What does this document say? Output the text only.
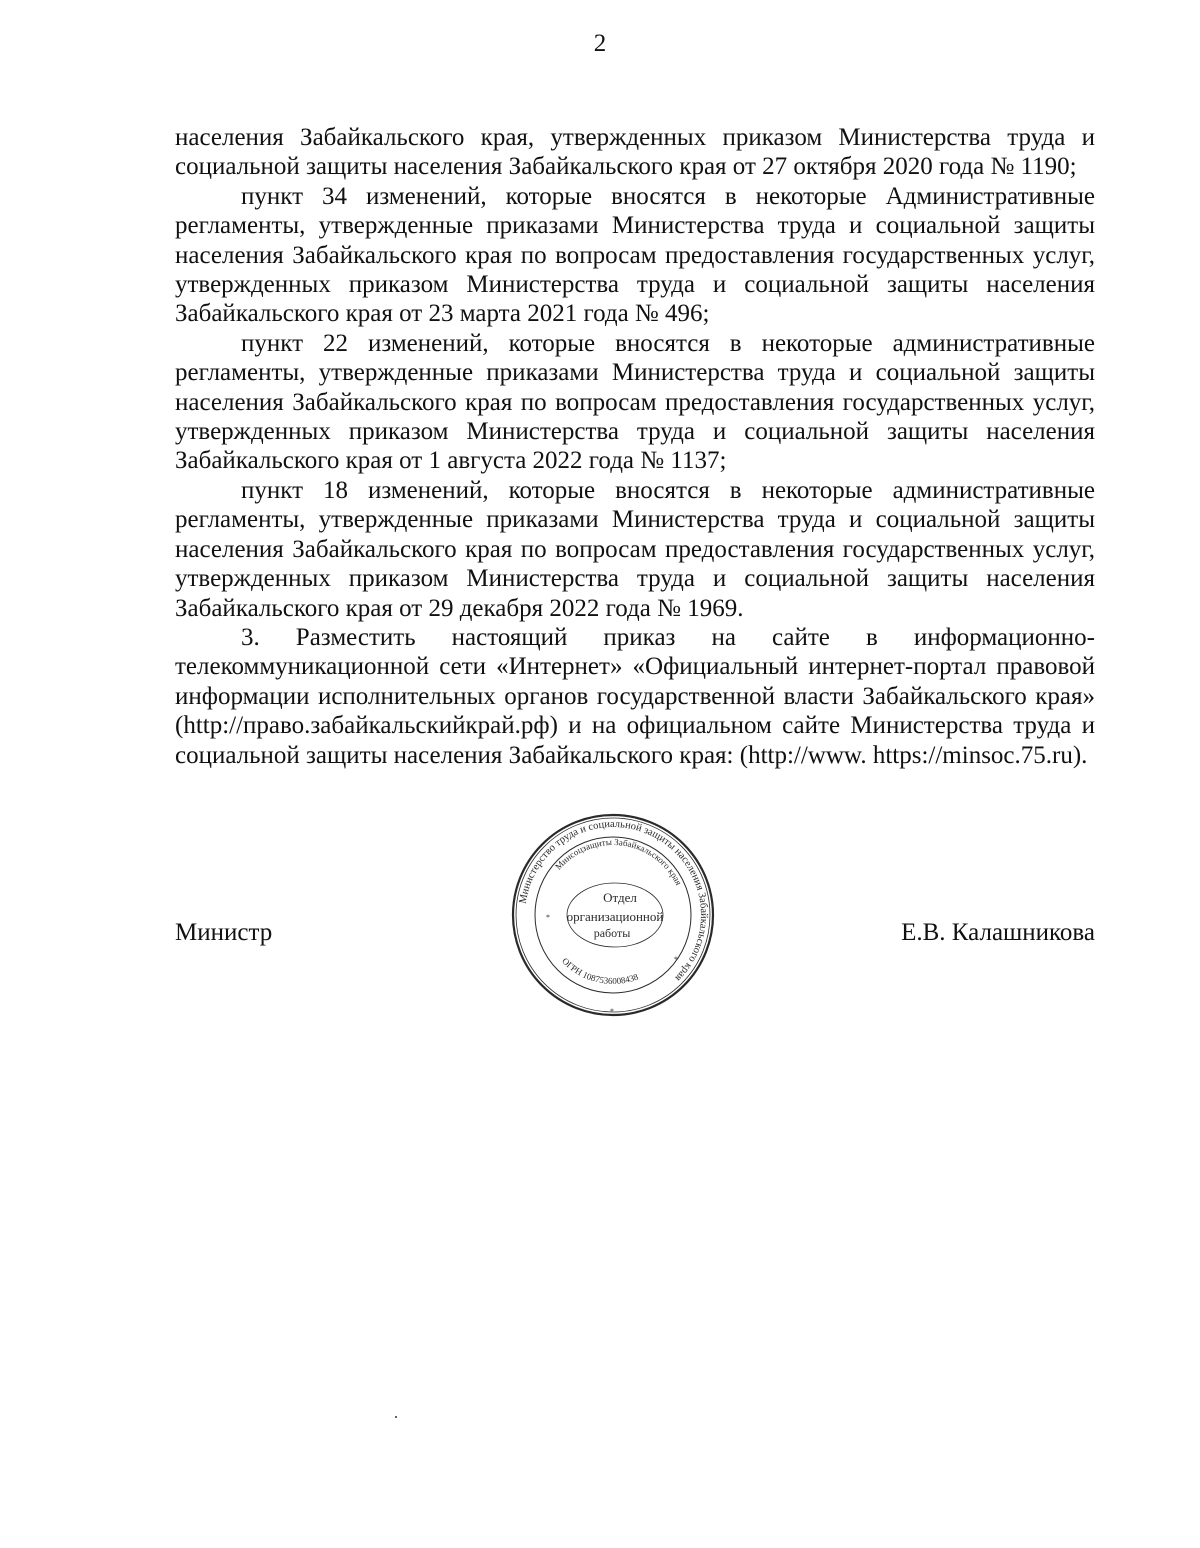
2

населения Забайкальского края, утвержденных приказом Министерства труда и социальной защиты населения Забайкальского края от 27 октября 2020 года № 1190;

пункт 34 изменений, которые вносятся в некоторые Административные регламенты, утвержденные приказами Министерства труда и социальной защиты населения Забайкальского края по вопросам предоставления государственных услуг, утвержденных приказом Министерства труда и социальной защиты населения Забайкальского края от 23 марта 2021 года № 496;

пункт 22 изменений, которые вносятся в некоторые административные регламенты, утвержденные приказами Министерства труда и социальной защиты населения Забайкальского края по вопросам предоставления государственных услуг, утвержденных приказом Министерства труда и социальной защиты населения Забайкальского края от 1 августа 2022 года № 1137;

пункт 18 изменений, которые вносятся в некоторые административные регламенты, утвержденные приказами Министерства труда и социальной защиты населения Забайкальского края по вопросам предоставления государственных услуг, утвержденных приказом Министерства труда и социальной защиты населения Забайкальского края от 29 декабря 2022 года № 1969.

3. Разместить настоящий приказ на сайте в информационно-телекоммуникационной сети «Интернет» «Официальный интернет-портал правовой информации исполнительных органов государственной власти Забайкальского края» (http://право.забайкальскийкрай.рф) и на официальном сайте Министерства труда и социальной защиты населения Забайкальского края: (http://www. https://minsoc.75.ru).

Министр	Е.В. Калашникова
Министерство труда и социальной защиты населения Забайкальского края
Минсоцзащиты Забайкальского края
ОГРН 1087536008438
Отдел
организационной
работы
*
*
*
